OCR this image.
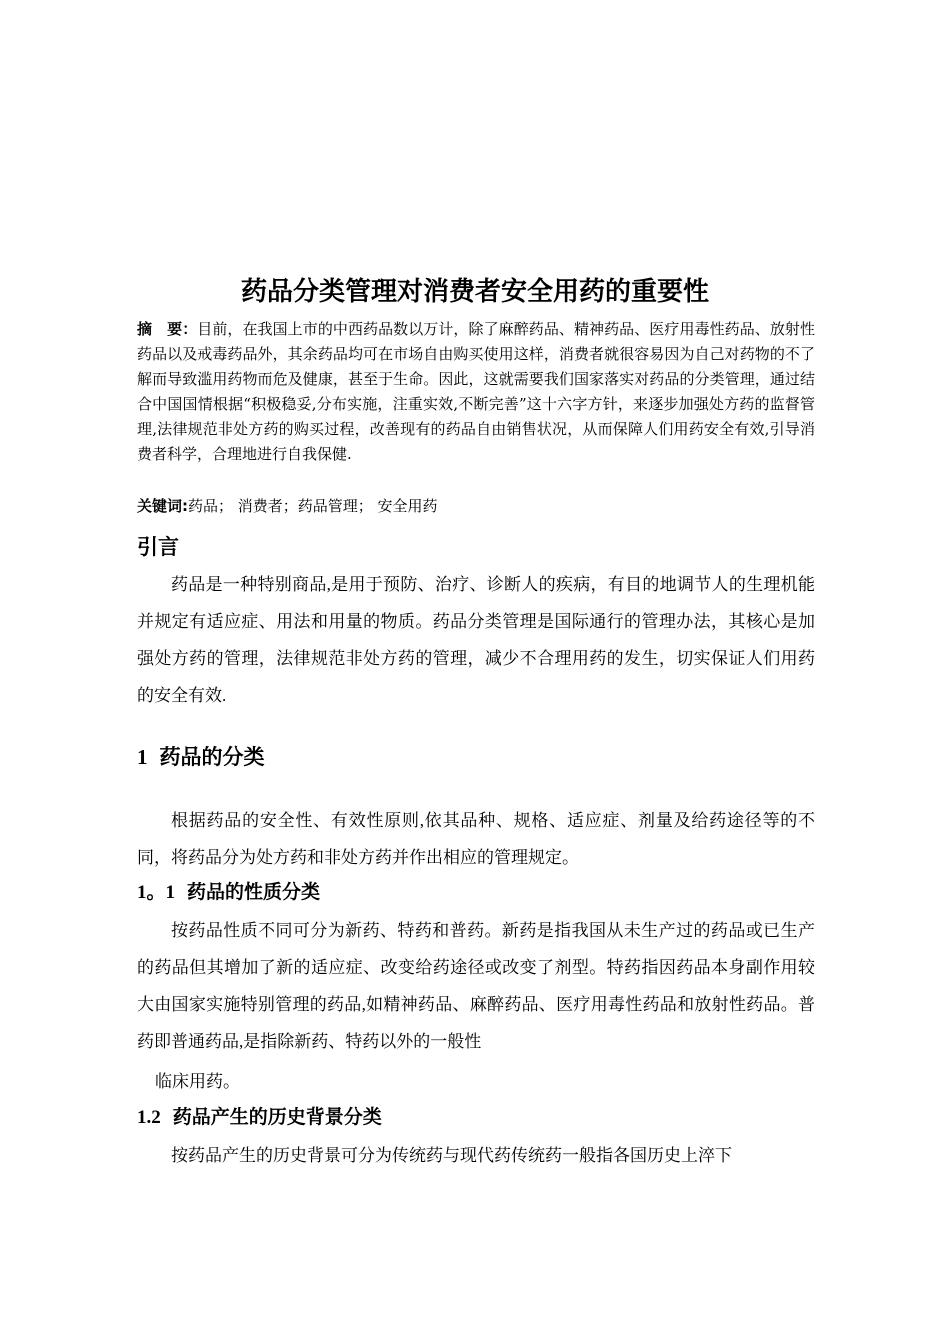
药品分类管理对消费者安全用药的重要性

摘　要：目前，在我国上市的中西药品数以万计，除了麻醉药品、精神药品、医疗用毒性药品、放射性药品以及戒毒药品外，其余药品均可在市场自由购买使用这样，消费者就很容易因为自己对药物的不了解而导致滥用药物而危及健康，甚至于生命。因此，这就需要我们国家落实对药品的分类管理，通过结合中国国情根据“积极稳妥,分布实施，注重实效,不断完善”这十六字方针，来逐步加强处方药的监督管理,法律规范非处方药的购买过程，改善现有的药品自由销售状况，从而保障人们用药安全有效,引导消费者科学，合理地进行自我保健.

关键词:药品； 消费者；药品管理； 安全用药

引言

药品是一种特别商品,是用于预防、治疗、诊断人的疾病，有目的地调节人的生理机能并规定有适应症、用法和用量的物质。药品分类管理是国际通行的管理办法，其核心是加强处方药的管理，法律规范非处方药的管理，减少不合理用药的发生，切实保证人们用药的安全有效.

1 药品的分类

根据药品的安全性、有效性原则,依其品种、规格、适应症、剂量及给药途径等的不同，将药品分为处方药和非处方药并作出相应的管理规定。

1。1 药品的性质分类

按药品性质不同可分为新药、特药和普药。新药是指我国从未生产过的药品或已生产的药品但其增加了新的适应症、改变给药途径或改变了剂型。特药指因药品本身副作用较大由国家实施特别管理的药品,如精神药品、麻醉药品、医疗用毒性药品和放射性药品。普药即普通药品,是指除新药、特药以外的一般性

临床用药。

1.2 药品产生的历史背景分类

按药品产生的历史背景可分为传统药与现代药传统药一般指各国历史上淬下
